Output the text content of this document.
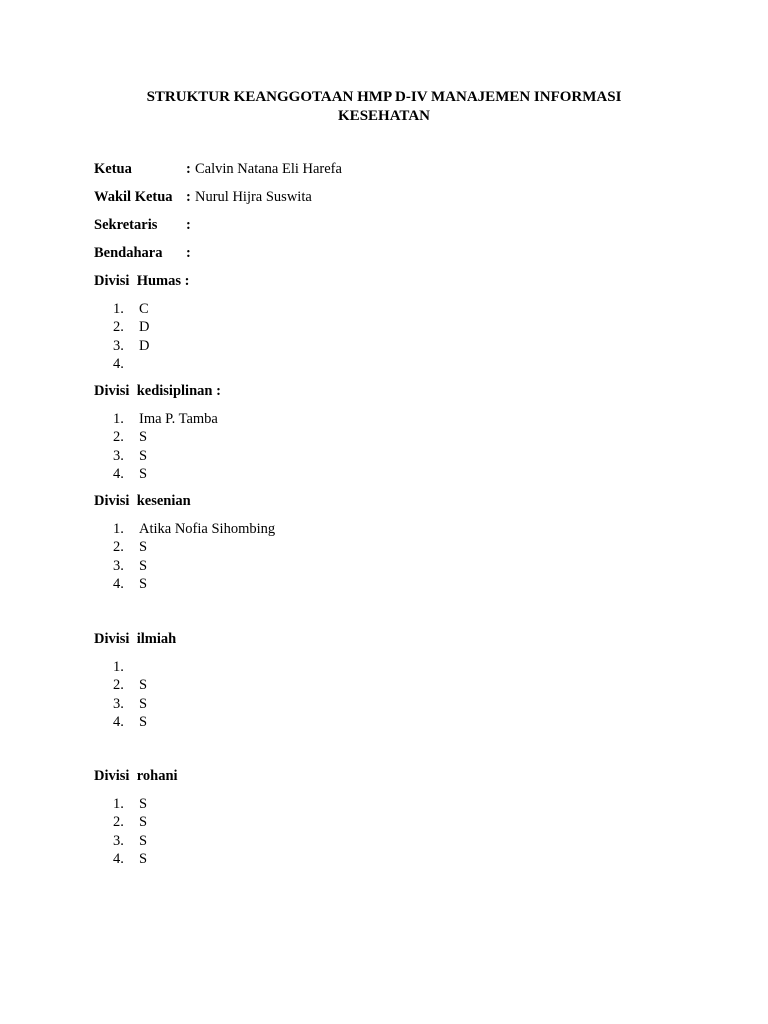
STRUKTUR KEANGGOTAAN HMP D-IV MANAJEMEN INFORMASI
KESEHATAN
Ketua	: Calvin Natana Eli Harefa
Wakil Ketua : Nurul Hijra Suswita
Sekretaris :
Bendahara :
Divisi  Humas :
1. C
2. D
3. D
4.
Divisi  kedisiplinan :
1. Ima P. Tamba
2. S
3. S
4. S
Divisi  kesenian
1. Atika Nofia Sihombing
2. S
3. S
4. S
Divisi  ilmiah
1.
2. S
3. S
4. S
Divisi  rohani
1. S
2. S
3. S
4. S
